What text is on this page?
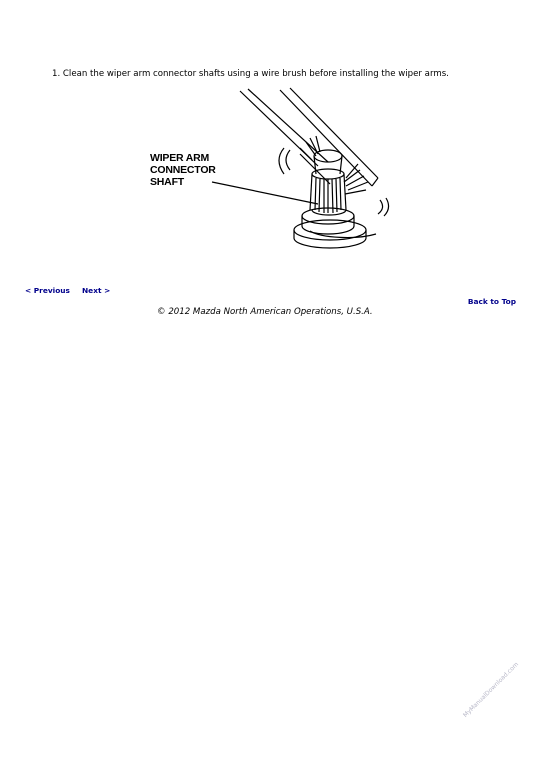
1. Clean the wiper arm connector shafts using a wire brush before installing the wiper arms.
WIPER ARM
CONNECTOR
SHAFT
< Previous Next >
Back to Top
© 2012 Mazda North American Operations, U.S.A.
MyManualDownload.com
